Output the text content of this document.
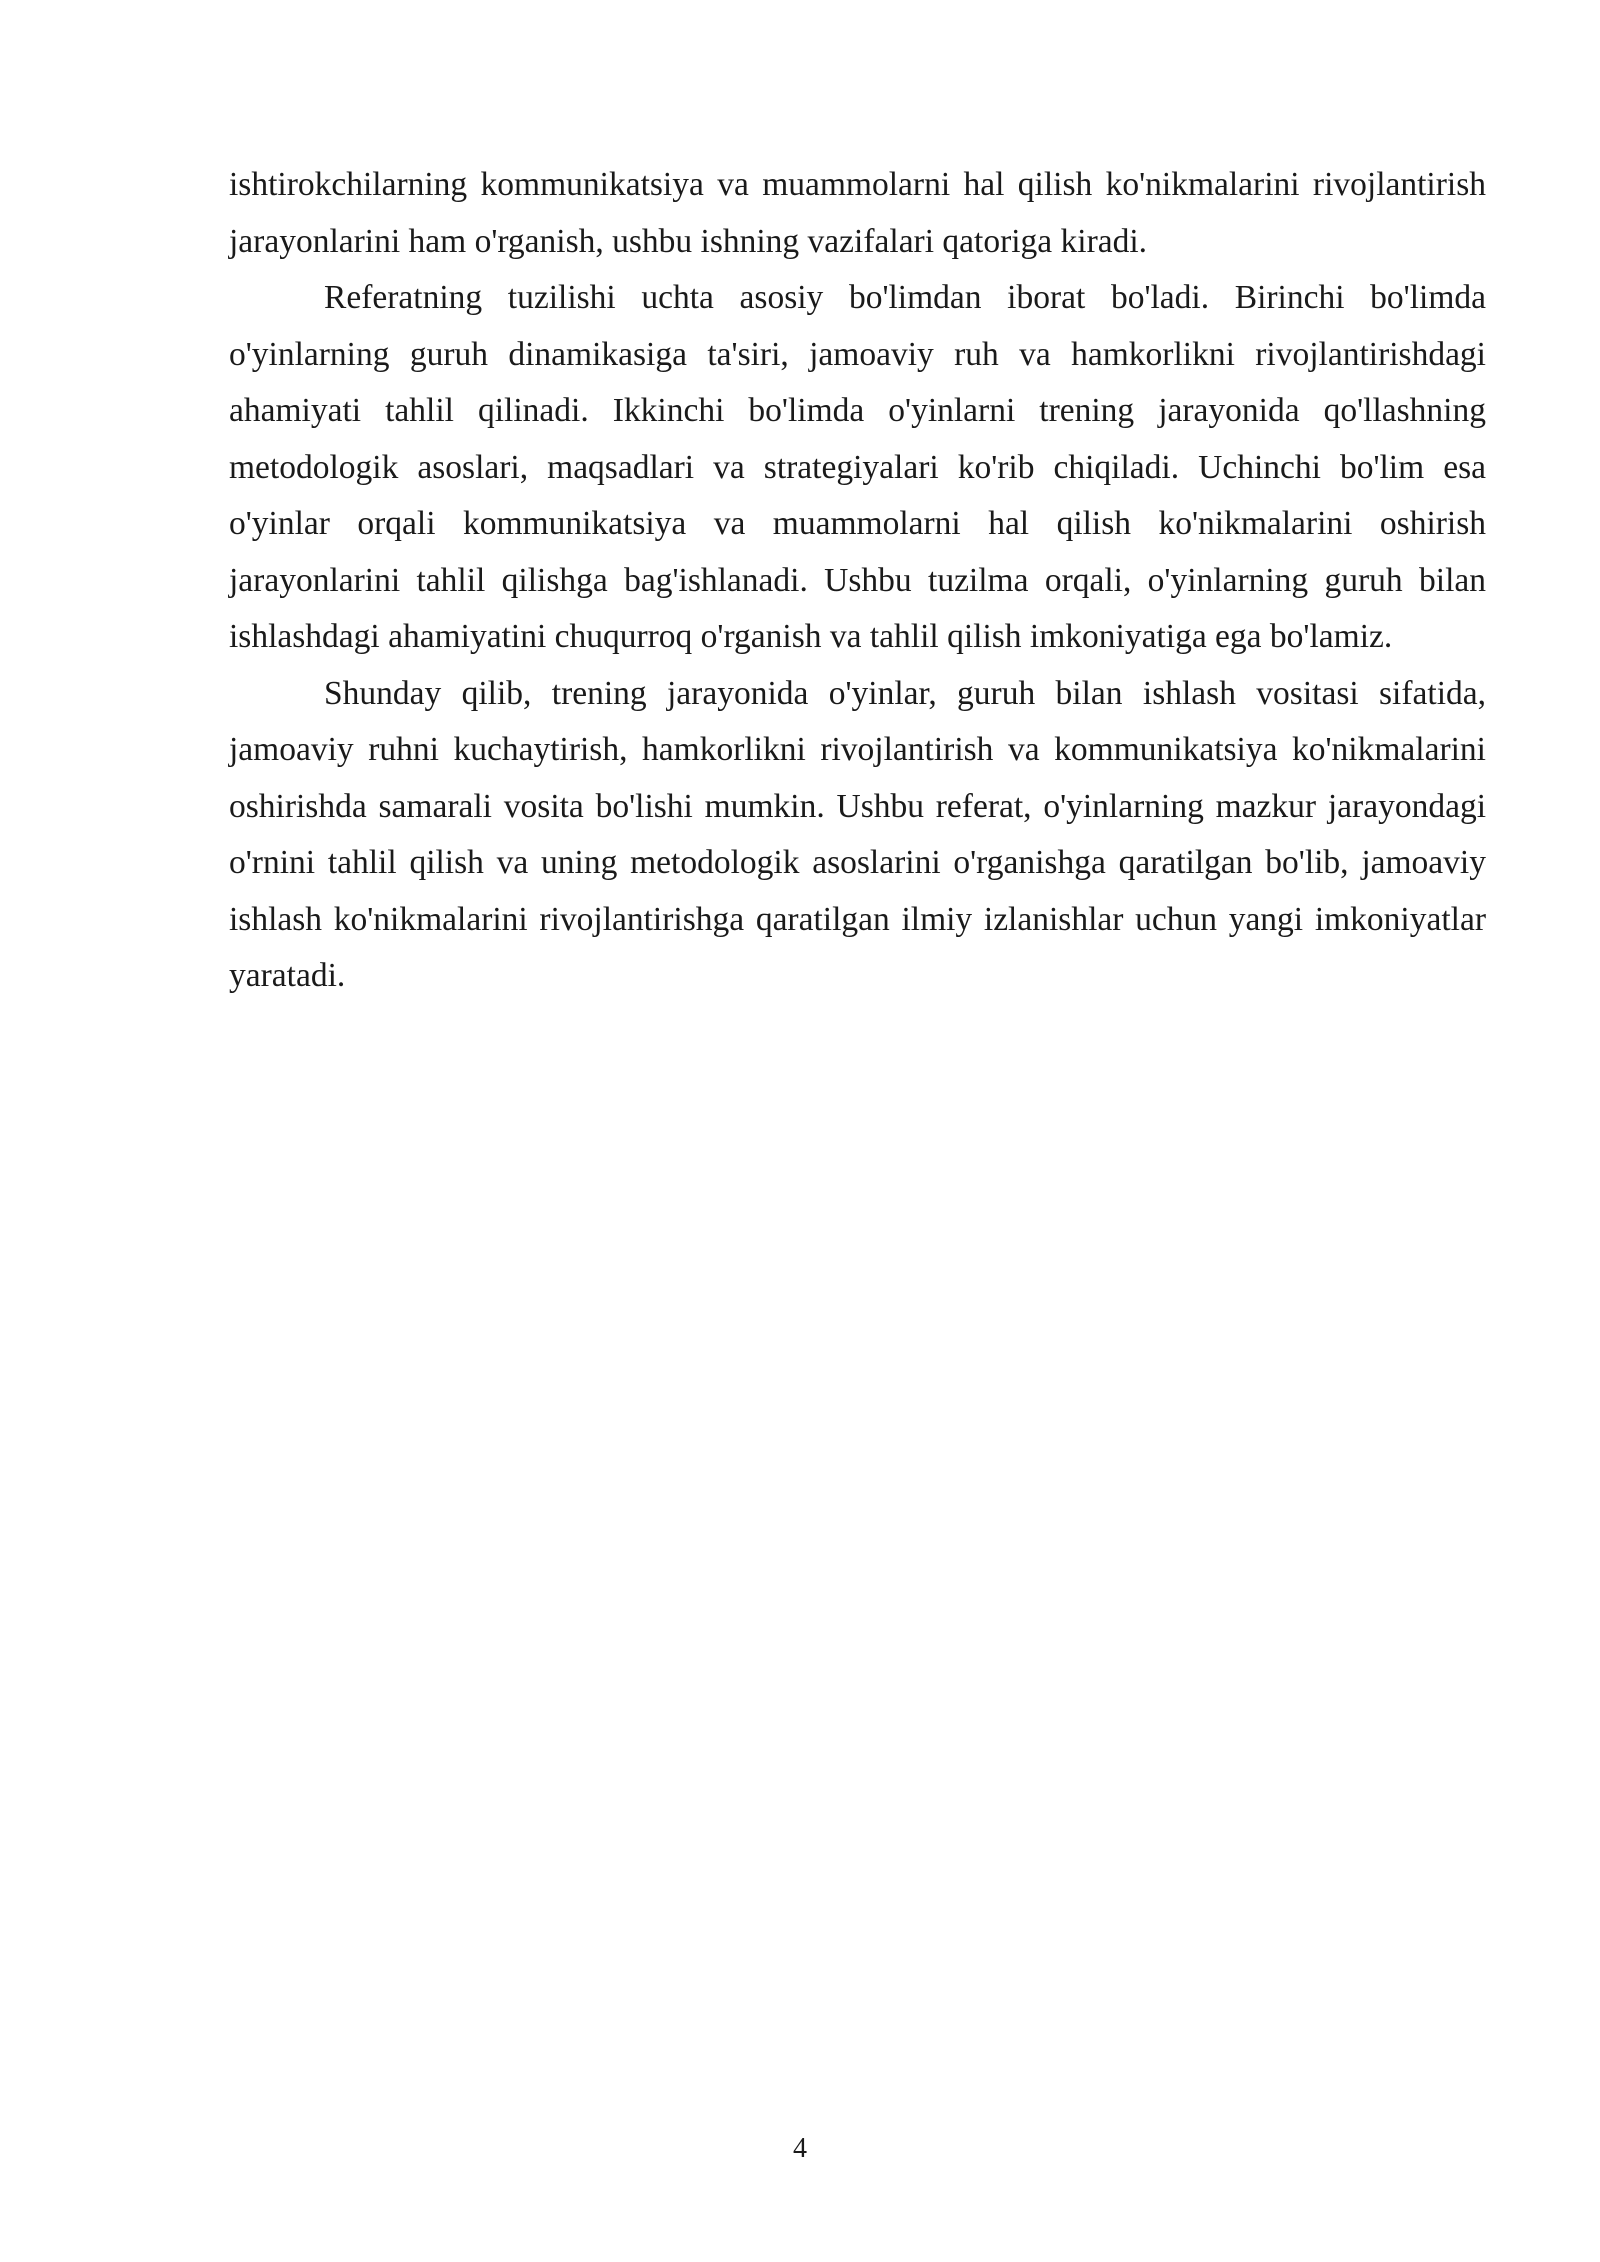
ishtirokchilarning kommunikatsiya va muammolarni hal qilish ko'nikmalarini rivojlantirish jarayonlarini ham o'rganish, ushbu ishning vazifalari qatoriga kiradi.

Referatning tuzilishi uchta asosiy bo'limdan iborat bo'ladi. Birinchi bo'limda o'yinlarning guruh dinamikasiga ta'siri, jamoaviy ruh va hamkorlikni rivojlantirishdagi ahamiyati tahlil qilinadi. Ikkinchi bo'limda o'yinlarni trening jarayonida qo'llashning metodologik asoslari, maqsadlari va strategiyalari ko'rib chiqiladi. Uchinchi bo'lim esa o'yinlar orqali kommunikatsiya va muammolarni hal qilish ko'nikmalarini oshirish jarayonlarini tahlil qilishga bag'ishlanadi. Ushbu tuzilma orqali, o'yinlarning guruh bilan ishlashdagi ahamiyatini chuqurroq o'rganish va tahlil qilish imkoniyatiga ega bo'lamiz.

Shunday qilib, trening jarayonida o'yinlar, guruh bilan ishlash vositasi sifatida, jamoaviy ruhni kuchaytirish, hamkorlikni rivojlantirish va kommunikatsiya ko'nikmalarini oshirishda samarali vosita bo'lishi mumkin. Ushbu referat, o'yinlarning mazkur jarayondagi o'rnini tahlil qilish va uning metodologik asoslarini o'rganishga qaratilgan bo'lib, jamoaviy ishlash ko'nikmalarini rivojlantirishga qaratilgan ilmiy izlanishlar uchun yangi imkoniyatlar yaratadi.

4
